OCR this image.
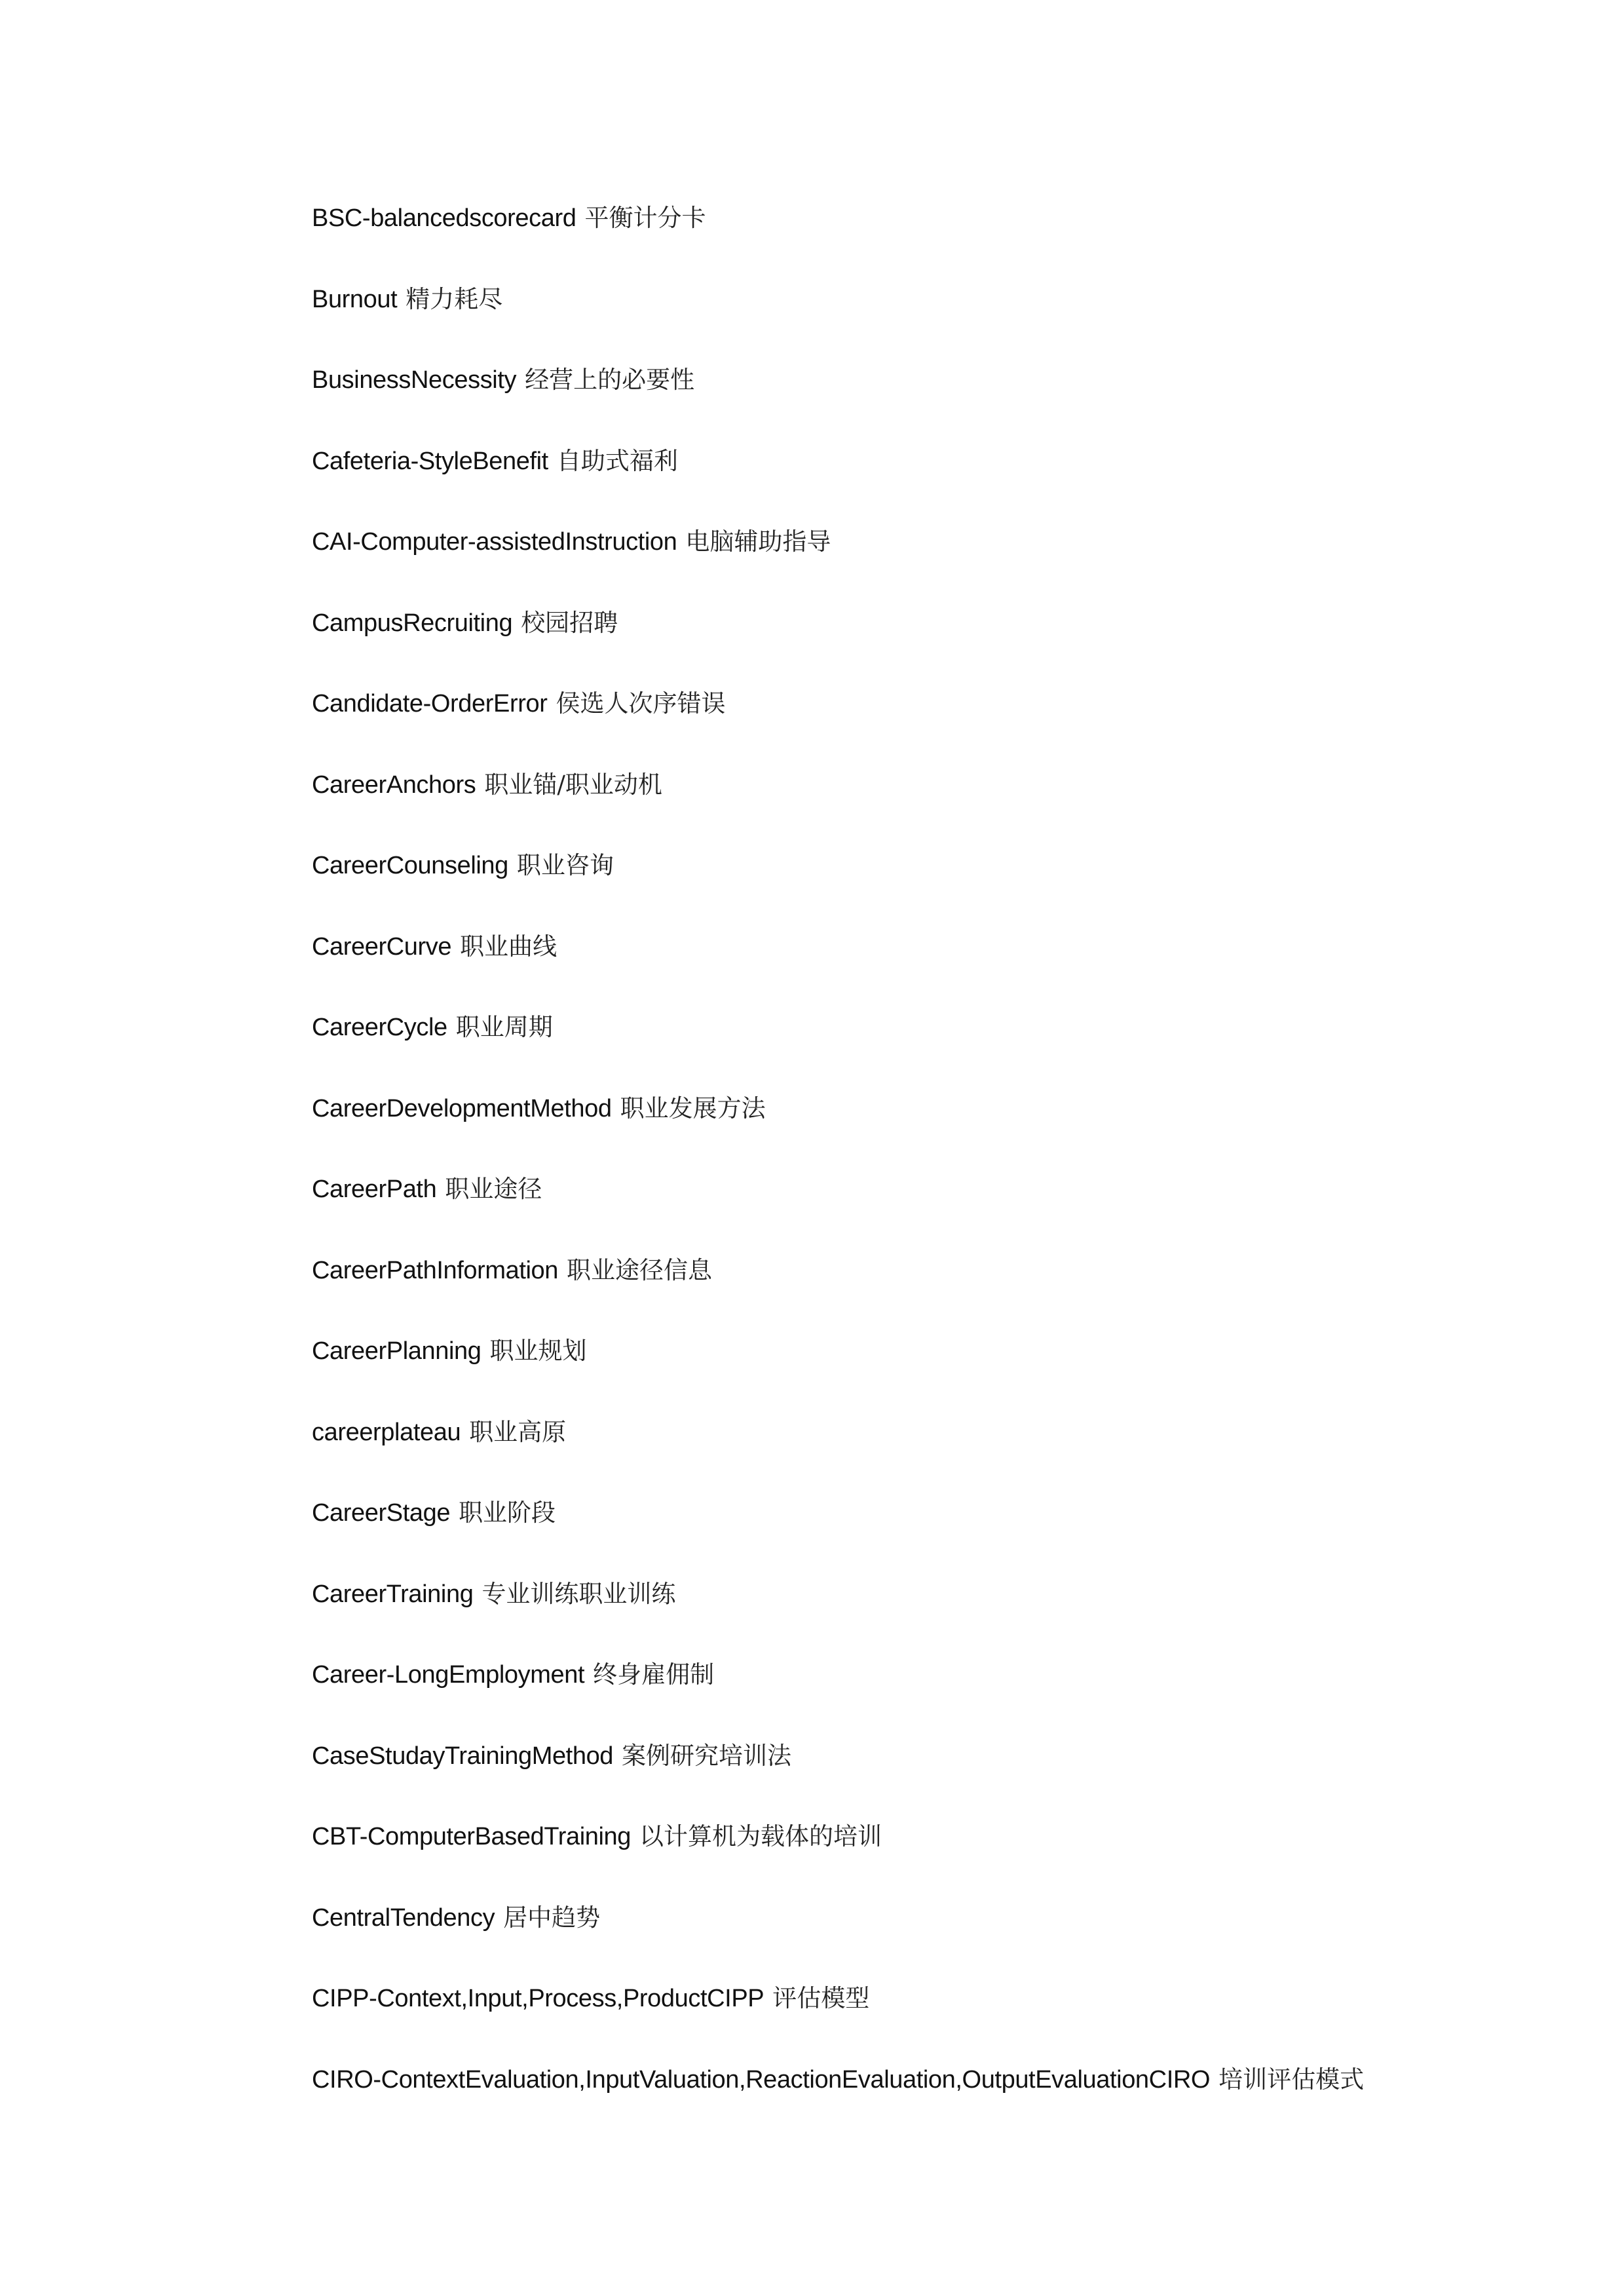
BSC-balancedscorecard 平衡计分卡
Burnout 精力耗尽
BusinessNecessity 经营上的必要性
Cafeteria-StyleBenefit 自助式福利
CAI-Computer-assistedInstruction 电脑辅助指导
CampusRecruiting 校园招聘
Candidate-OrderError 侯选人次序错误
CareerAnchors 职业锚/职业动机
CareerCounseling 职业咨询
CareerCurve 职业曲线
CareerCycle 职业周期
CareerDevelopmentMethod 职业发展方法
CareerPath 职业途径
CareerPathInformation 职业途径信息
CareerPlanning 职业规划
careerplateau 职业高原
CareerStage 职业阶段
CareerTraining 专业训练职业训练
Career-LongEmployment 终身雇佣制
CaseStudayTrainingMethod 案例研究培训法
CBT-ComputerBasedTraining 以计算机为载体的培训
CentralTendency 居中趋势
CIPP-Context,Input,Process,ProductCIPP 评估模型
CIRO-ContextEvaluation,InputValuation,ReactionEvaluation,OutputEvaluationCIRO 培训评估模式
